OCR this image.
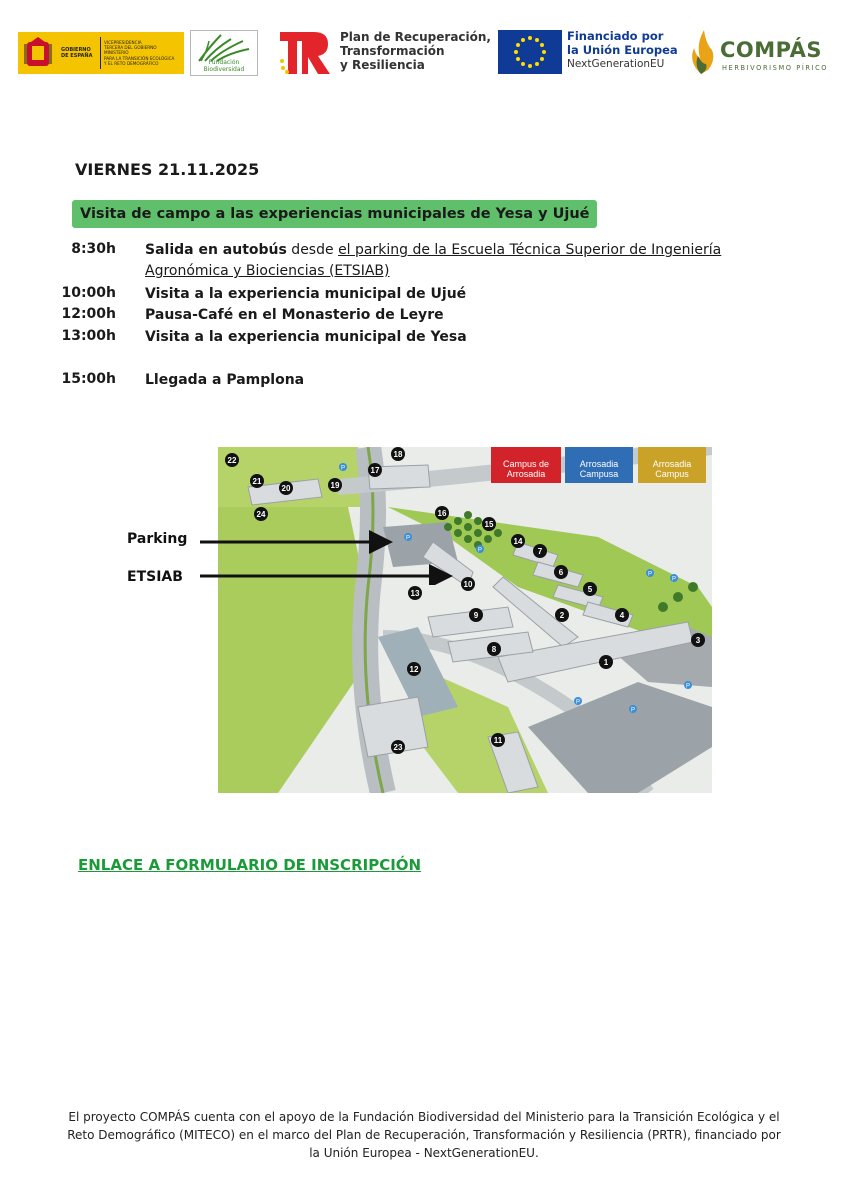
GOBIERNO
DE ESPAÑA
VICEPRESIDENCIA
TERCERA DEL GOBIERNO
MINISTERIO
PARA LA TRANSICIÓN ECOLÓGICA
Y EL RETO DEMOGRÁFICO	Fundación Biodiversidad
Plan de Recuperación,
Transformación
y Resiliencia
Financiado por
la Unión Europea
NextGenerationEU
COMPÁS
HERBIVORISMO PÍRICO
VIERNES 21.11.2025
Visita de campo a las experiencias municipales de Yesa y Ujué
8:30h Salida en autobús desde el parking de la Escuela Técnica Superior de Ingeniería Agronómica y Biociencias (ETSIAB)
10:00h Visita a la experiencia municipal de Ujué
12:00h Pausa-Café en el Monasterio de Leyre
13:00h Visita a la experiencia municipal de Yesa
15:00h Llegada a Pamplona
1
2
3
4
5
6
7
9
8
10
11
12
13
14
15
16
17
18
19
20
21
22
23
24
P
P
P
P
P
P
P
P
Campus de
Arrosadia
Arrosadia
Campusa
Arrosadia
Campus
Parking
ETSIAB
ENLACE A FORMULARIO DE INSCRIPCIÓN
El proyecto COMPÁS cuenta con el apoyo de la Fundación Biodiversidad del Ministerio para la Transición Ecológica y el Reto Demográfico (MITECO) en el marco del Plan de Recuperación, Transformación y Resiliencia (PRTR), financiado por la Unión Europea - NextGenerationEU.
